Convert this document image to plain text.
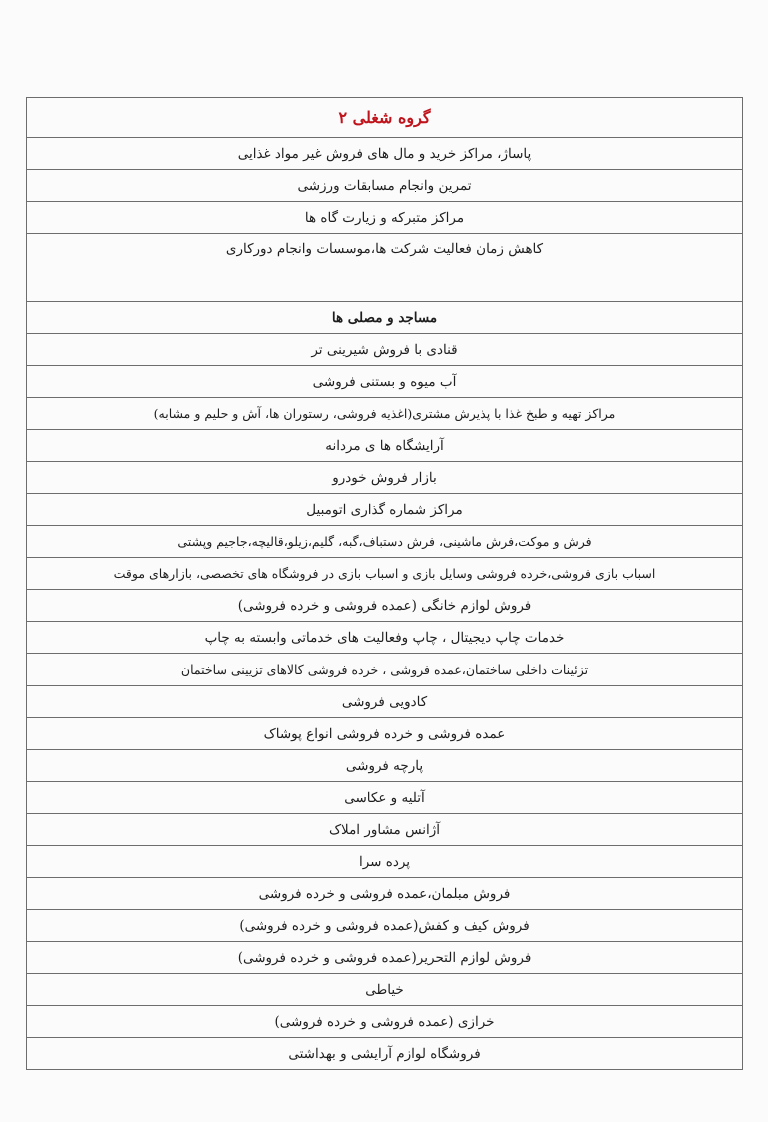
گروه شغلی ۲
پاساژ، مراکز خرید و مال های فروش غیر مواد غذایی
تمرین وانجام مسابقات ورزشی
مراکز متبرکه و زیارت گاه ها
کاهش زمان فعالیت شرکت ها،موسسات وانجام دورکاری
مساجد و مصلی ها
قنادی با فروش شیرینی تر
آب میوه و بستنی فروشی
مراکز تهیه و طبخ غذا با پذیرش مشتری(اغذیه فروشی، رستوران ها، آش و حلیم و مشابه)
آرایشگاه ها ی مردانه
بازار فروش خودرو
مراکز شماره گذاری اتومبیل
فرش و موکت،فرش ماشینی، فرش دستباف،گبه، گلیم،زیلو،قالیچه،جاجیم وپشتی
اسباب بازی فروشی،خرده فروشی وسایل بازی و اسباب بازی در فروشگاه های تخصصی، بازارهای موقت
فروش لوازم خانگی (عمده فروشی و خرده فروشی)
خدمات چاپ دیجیتال ، چاپ وفعالیت های خدماتی وابسته به چاپ
تزئینات داخلی ساختمان،عمده فروشی ، خرده فروشی کالاهای تزیینی ساختمان
کادویی فروشی
عمده فروشی و خرده فروشی انواع پوشاک
پارچه فروشی
آتلیه و عکاسی
آژانس مشاور املاک
پرده سرا
فروش مبلمان،عمده فروشی و خرده فروشی
فروش کیف و کفش(عمده فروشی و خرده فروشی)
فروش لوازم التحریر(عمده فروشی و خرده فروشی)
خیاطی
خرازی (عمده فروشی و خرده فروشی)
فروشگاه لوازم آرایشی و بهداشتی
